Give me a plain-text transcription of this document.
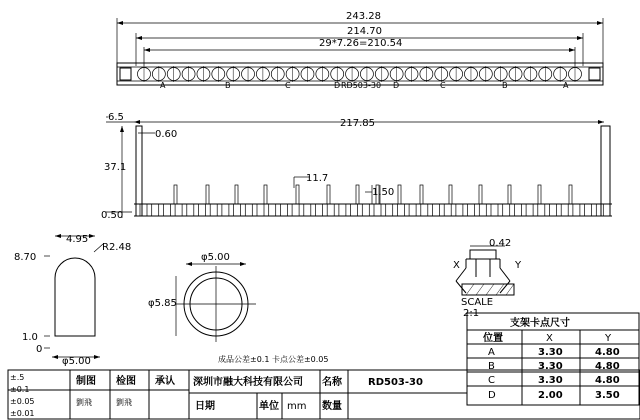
243.28
214.70
29*7.26=210.54
A	B	C	D RD503-30 D	C	B	A
6.5
217.85
0.60
37.1
11.7
1.50
0.50
4.95
R2.48
8.70
1.0
0
φ5.00
φ5.00
φ5.85
0.42
X	Y
SCALE
2:1
成品公差±0.1 卡点公差±0.05
支架卡点尺寸
位置	X	Y
A	3.30	4.80
B	3.30	4.80
C	3.30	4.80
D	2.00	3.50
±.5
±0.1
±0.05
±0.01
制图 检图 承认
劉飛	劉飛
深圳市融大科技有限公司 名称	RD503-30
日期	单位 mm 数量
